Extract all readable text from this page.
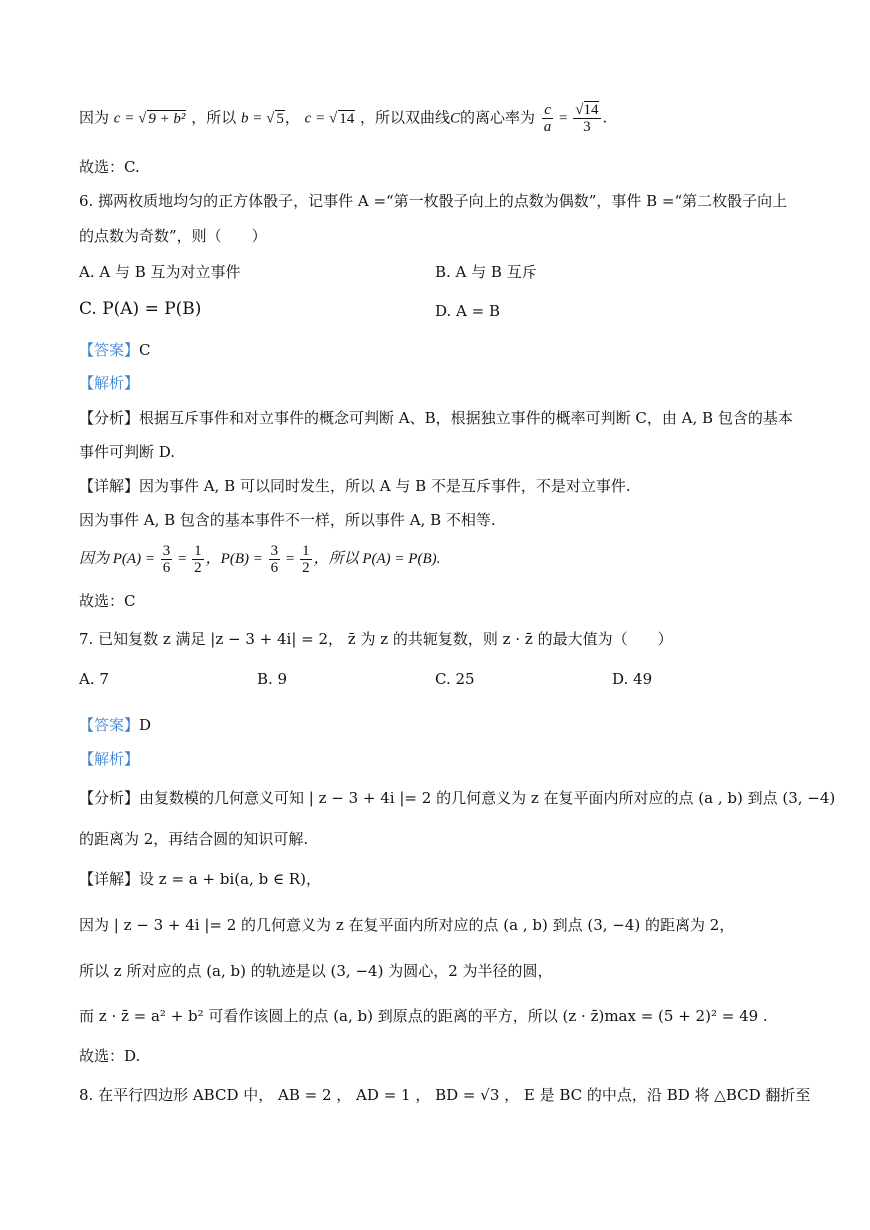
因为 c = √ 9 + b² ，所以 b = √ 5， c = √ 14 ，所以双曲线C的离心率为 $\frac{c}{a} = \frac{√14}{3}$ .
故选：C.
6. 掷两枚质地均匀的正方体骰子，记事件 A =“第一枚骰子向上的点数为偶数”，事件 B =“第二枚骰子向上
的点数为奇数”，则（　　）
A. A 与 B 互为对立事件	B. A 与 B 互斥
C. P(A) = P(B)	D. A = B
【答案】C
【解析】
【分析】根据互斥事件和对立事件的概念可判断 A、B，根据独立事件的概率可判断 C，由 A, B 包含的基本
事件可判断 D.
【详解】因为事件 A, B 可以同时发生，所以 A 与 B 不是互斥事件，不是对立事件.
因为事件 A, B 包含的基本事件不一样，所以事件 A, B 不相等.
因为 $P(A) = \frac{3}{6} = \frac{1}{2}$ ，$P(B) = \frac{3}{6} = \frac{1}{2}$ ，所以 P(A) = P(B).
故选：C
7. 已知复数 z 满足 |z − 3 + 4i| = 2， z̄ 为 z 的共轭复数，则 z · z̄ 的最大值为（　　）
A. 7	B. 9	C. 25	D. 49
【答案】D
【解析】
【分析】由复数模的几何意义可知 | z − 3 + 4i |= 2 的几何意义为 z 在复平面内所对应的点 (a , b) 到点 (3, −4)
的距离为 2，再结合圆的知识可解.
【详解】设 z = a + bi(a, b ∈ R)，
因为 | z − 3 + 4i |= 2 的几何意义为 z 在复平面内所对应的点 (a , b) 到点 (3, −4) 的距离为 2，
所以 z 所对应的点 (a, b) 的轨迹是以 (3, −4) 为圆心，2 为半径的圆，
而 z · z̄ = a² + b² 可看作该圆上的点 (a, b) 到原点的距离的平方，所以 (z · z̄)max = (5 + 2)² = 49 .
故选：D.
8. 在平行四边形 ABCD 中， AB = 2 ， AD = 1 ， BD = √3 ， E 是 BC 的中点，沿 BD 将 △BCD 翻折至
